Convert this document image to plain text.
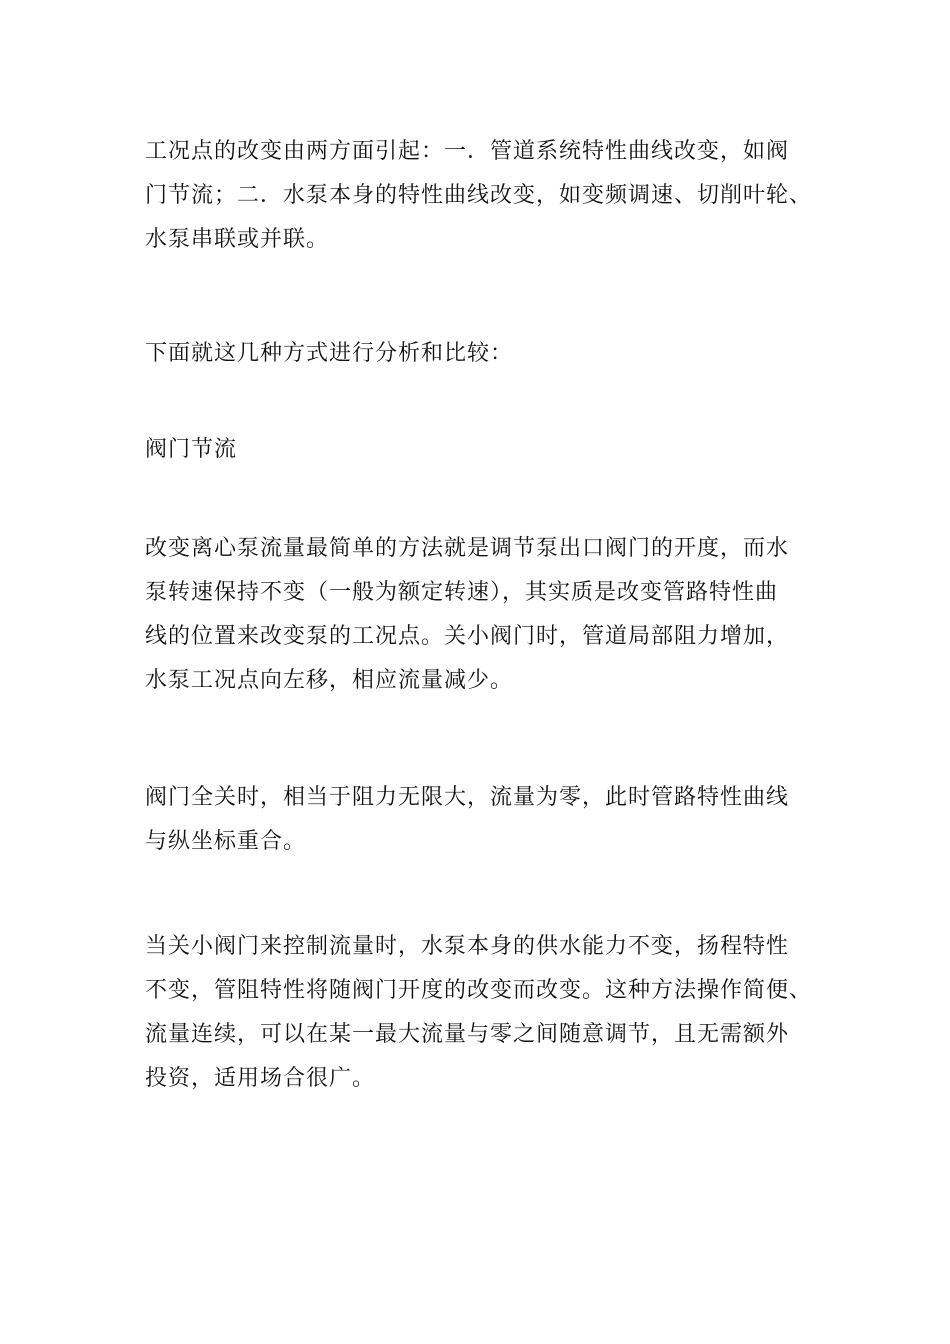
工况点的改变由两方面引起：一．管道系统特性曲线改变，如阀
门节流；二．水泵本身的特性曲线改变，如变频调速、切削叶轮、
水泵串联或并联。

下面就这几种方式进行分析和比较：

阀门节流

改变离心泵流量最简单的方法就是调节泵出口阀门的开度，而水
泵转速保持不变（一般为额定转速），其实质是改变管路特性曲
线的位置来改变泵的工况点。关小阀门时，管道局部阻力增加，
水泵工况点向左移，相应流量减少。

阀门全关时，相当于阻力无限大，流量为零，此时管路特性曲线
与纵坐标重合。

当关小阀门来控制流量时，水泵本身的供水能力不变，扬程特性
不变，管阻特性将随阀门开度的改变而改变。这种方法操作简便、
流量连续，可以在某一最大流量与零之间随意调节，且无需额外
投资，适用场合很广。
